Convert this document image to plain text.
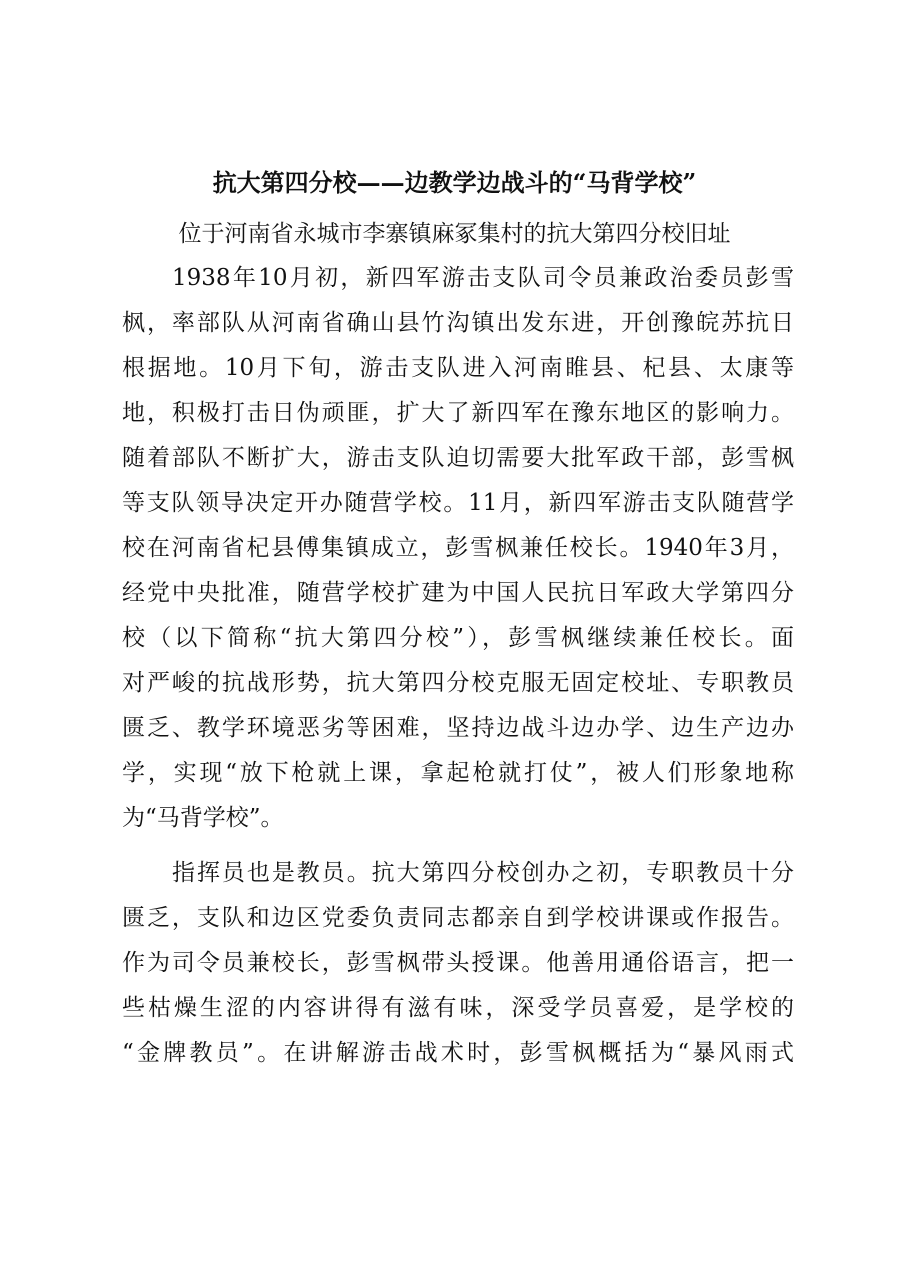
抗大第四分校——边教学边战斗的“马背学校”
位于河南省永城市李寨镇麻冢集村的抗大第四分校旧址
1938年10月初，新四军游击支队司令员兼政治委员彭雪
枫，率部队从河南省确山县竹沟镇出发东进，开创豫皖苏抗日
根据地。10月下旬，游击支队进入河南睢县、杞县、太康等
地，积极打击日伪顽匪，扩大了新四军在豫东地区的影响力。
随着部队不断扩大，游击支队迫切需要大批军政干部，彭雪枫
等支队领导决定开办随营学校。11月，新四军游击支队随营学
校在河南省杞县傅集镇成立，彭雪枫兼任校长。1940年3月，
经党中央批准，随营学校扩建为中国人民抗日军政大学第四分
校（以下简称“抗大第四分校”），彭雪枫继续兼任校长。面
对严峻的抗战形势，抗大第四分校克服无固定校址、专职教员
匮乏、教学环境恶劣等困难，坚持边战斗边办学、边生产边办
学，实现“放下枪就上课，拿起枪就打仗”，被人们形象地称
为“马背学校”。
指挥员也是教员。抗大第四分校创办之初，专职教员十分
匮乏，支队和边区党委负责同志都亲自到学校讲课或作报告。
作为司令员兼校长，彭雪枫带头授课。他善用通俗语言，把一
些枯燥生涩的内容讲得有滋有味，深受学员喜爱，是学校的
“金牌教员”。在讲解游击战术时，彭雪枫概括为“暴风雨式
